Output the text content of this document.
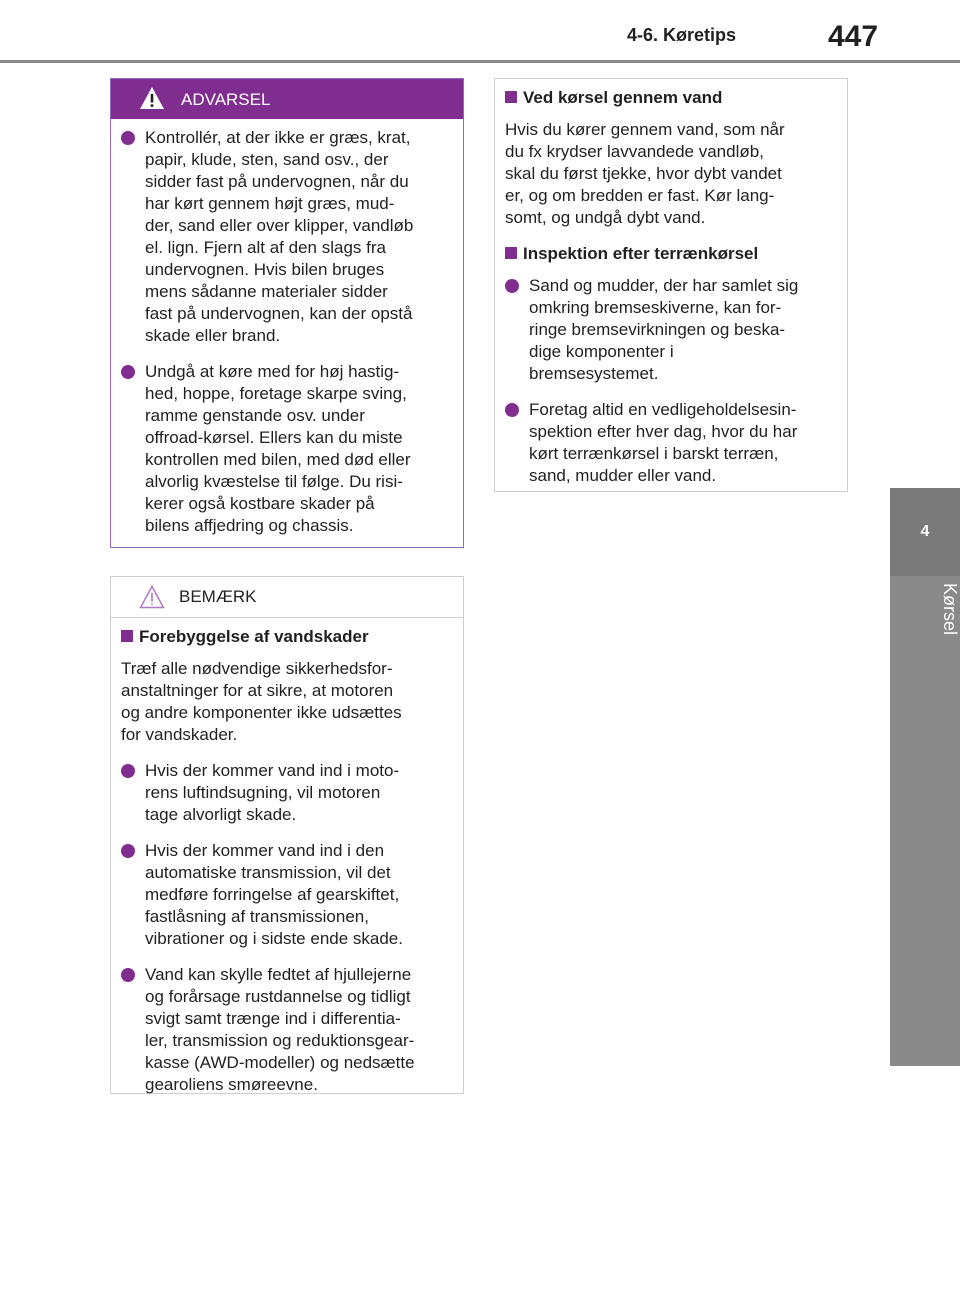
4-6. Køretips	447
4
Kørsel
ADVARSEL
Kontrollér, at der ikke er græs, krat,
papir, klude, sten, sand osv., der
sidder fast på undervognen, når du
har kørt gennem højt græs, mud-
der, sand eller over klipper, vandløb
el. lign. Fjern alt af den slags fra
undervognen. Hvis bilen bruges
mens sådanne materialer sidder
fast på undervognen, kan der opstå
skade eller brand.
Undgå at køre med for høj hastig-
hed, hoppe, foretage skarpe sving,
ramme genstande osv. under
offroad-kørsel. Ellers kan du miste
kontrollen med bilen, med død eller
alvorlig kvæstelse til følge. Du risi-
kerer også kostbare skader på
bilens affjedring og chassis.
BEMÆRK
Forebyggelse af vandskader
Træf alle nødvendige sikkerhedsfor-
anstaltninger for at sikre, at motoren
og andre komponenter ikke udsættes
for vandskader.
Hvis der kommer vand ind i moto-
rens luftindsugning, vil motoren
tage alvorligt skade.
Hvis der kommer vand ind i den
automatiske transmission, vil det
medføre forringelse af gearskiftet,
fastlåsning af transmissionen,
vibrationer og i sidste ende skade.
Vand kan skylle fedtet af hjullejerne
og forårsage rustdannelse og tidligt
svigt samt trænge ind i differentia-
ler, transmission og reduktionsgear-
kasse (AWD-modeller) og nedsætte
gearoliens smøreevne.
Ved kørsel gennem vand
Hvis du kører gennem vand, som når
du fx krydser lavvandede vandløb,
skal du først tjekke, hvor dybt vandet
er, og om bredden er fast. Kør lang-
somt, og undgå dybt vand.
Inspektion efter terrænkørsel
Sand og mudder, der har samlet sig
omkring bremseskiverne, kan for-
ringe bremsevirkningen og beska-
dige komponenter i
bremsesystemet.
Foretag altid en vedligeholdelsesin-
spektion efter hver dag, hvor du har
kørt terrænkørsel i barskt terræn,
sand, mudder eller vand.
